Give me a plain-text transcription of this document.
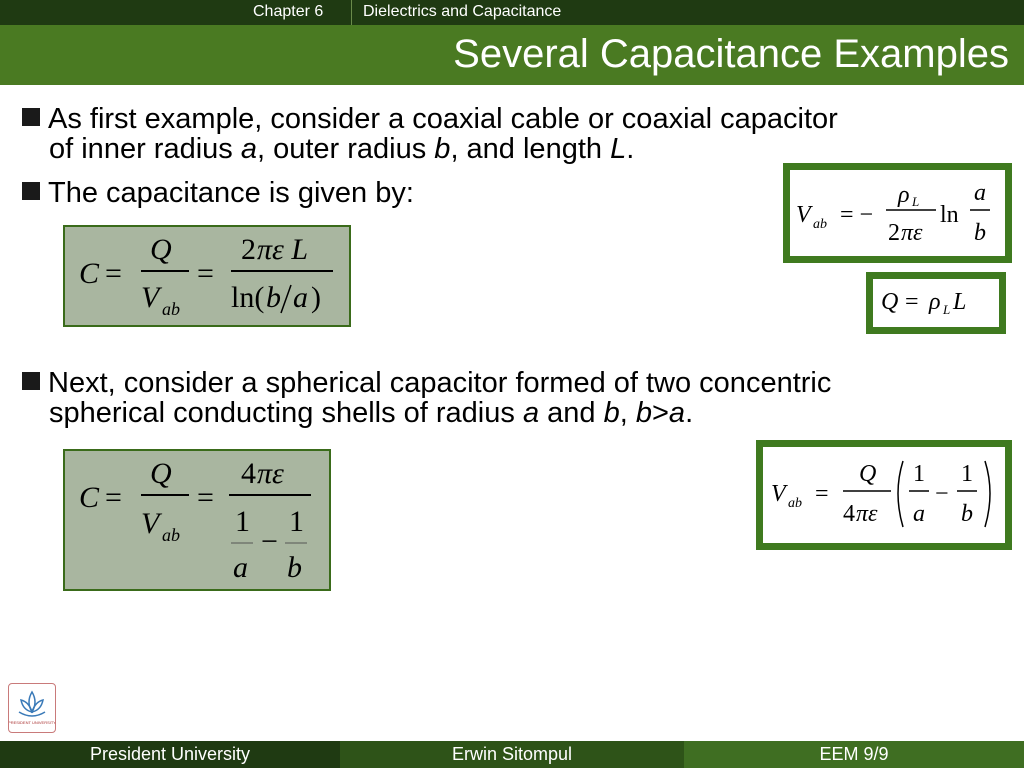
Chapter 6 Dielectrics and Capacitance
Several Capacitance Examples
As first example, consider a coaxial cable or coaxial capacitor
of inner radius a, outer radius b, and length L.
The capacitance is given by:
C =
Q
V ab
=
2 πε L
ln( b a )
V ab = −
ρ L
2 πε
ln
a
b
Q = ρ L L
Next, consider a spherical capacitor formed of two concentric
spherical conducting shells of radius a and b, b>a.
C =
Q
V ab
=
4 πε
1
a
−
1
b
V ab =
Q
4 πε
1
a
−
1
b
PRESIDENT UNIVERSITY
President University	Erwin Sitompul	EEM 9/9
